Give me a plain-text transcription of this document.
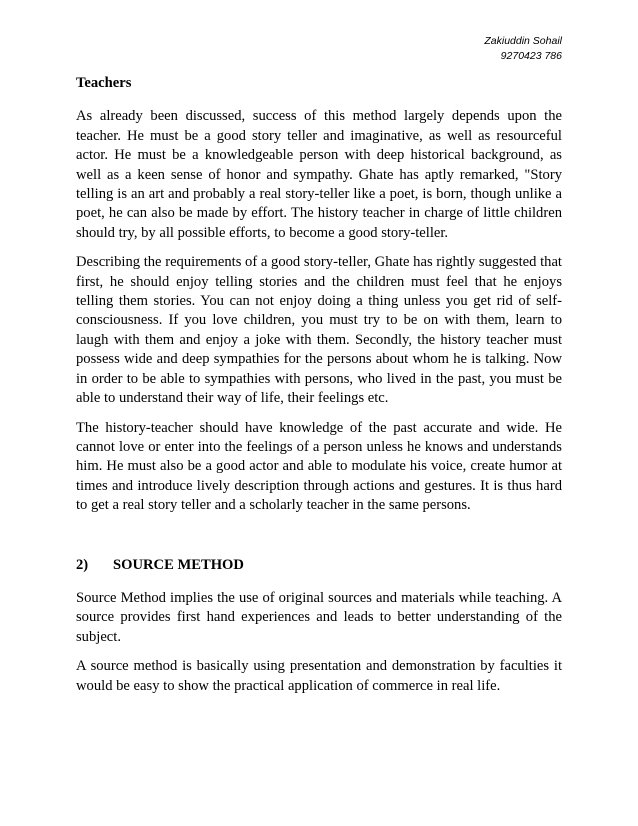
Zakiuddin Sohail
9270423 786
Teachers

As already been discussed, success of this method largely depends upon the teacher. He must be a good story teller and imaginative, as well as resourceful actor. He must be a knowledgeable person with deep historical background, as well as a keen sense of honor and sympathy. Ghate has aptly remarked, "Story telling is an art and probably a real story-teller like a poet, is born, though unlike a poet, he can also be made by effort. The history teacher in charge of little children should try, by all possible efforts, to become a good story-teller.

Describing the requirements of a good story-teller, Ghate has rightly suggested that first, he should enjoy telling stories and the children must feel that he enjoys telling them stories. You can not enjoy doing a thing unless you get rid of self-consciousness. If you love children, you must try to be on with them, learn to laugh with them and enjoy a joke with them. Secondly, the history teacher must possess wide and deep sympathies for the persons about whom he is talking. Now in order to be able to sympathies with persons, who lived in the past, you must be able to understand their way of life, their feelings etc.

The history-teacher should have knowledge of the past accurate and wide. He cannot love or enter into the feelings of a person unless he knows and understands him. He must also be a good actor and able to modulate his voice, create humor at times and introduce lively description through actions and gestures. It is thus hard to get a real story teller and a scholarly teacher in the same persons.

2)	SOURCE METHOD

Source Method implies the use of original sources and materials while teaching. A source provides first hand experiences and leads to better understanding of the subject.

A source method is basically using presentation and demonstration by faculties it would be easy to show the practical application of commerce in real life.
